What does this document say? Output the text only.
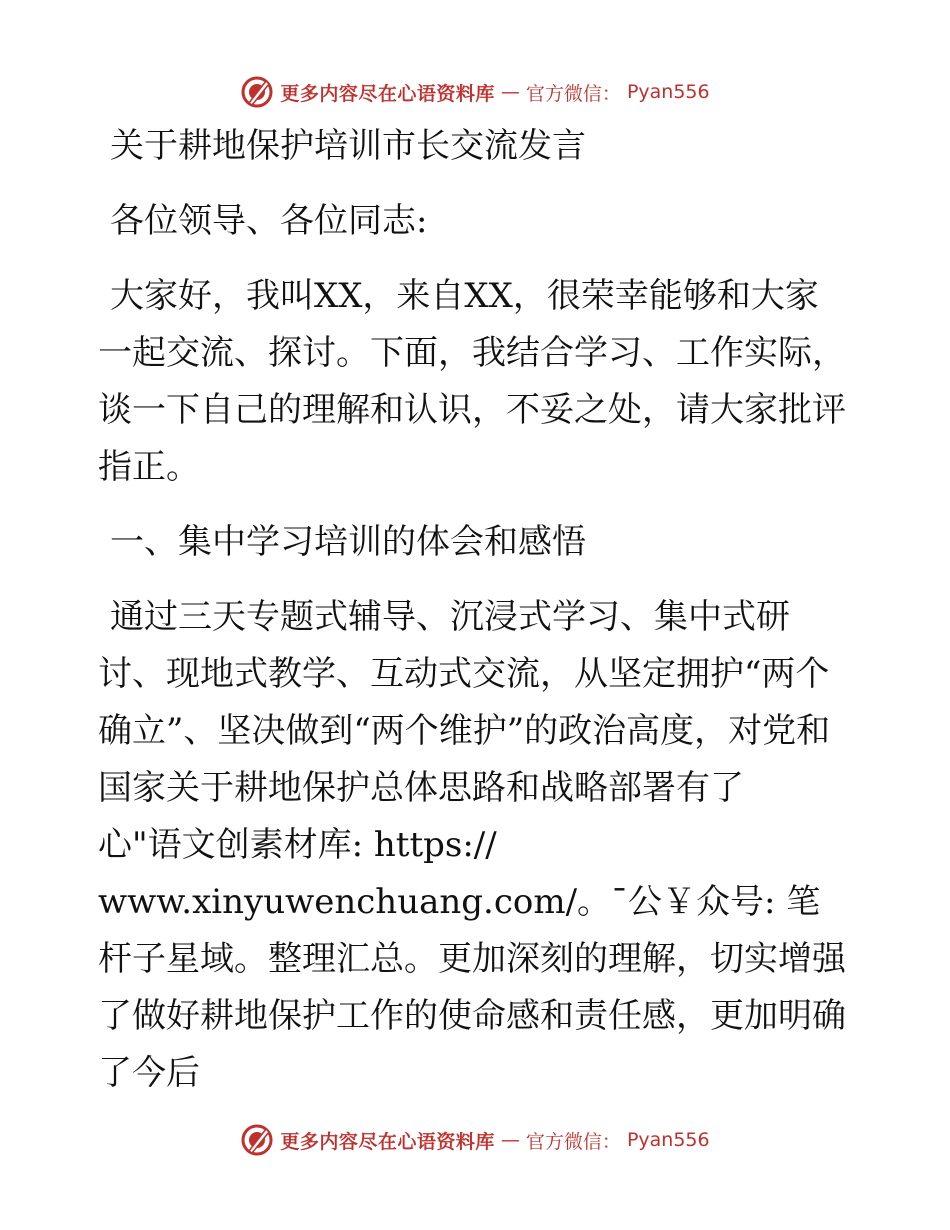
更多内容尽在心语资料库 — 官方微信： Pyan556

关于耕地保护培训市长交流发言

各位领导、各位同志:

大家好，我叫XX，来自XX，很荣幸能够和大家一起交流、探讨。下面，我结合学习、工作实际，谈一下自己的理解和认识，不妥之处，请大家批评指正。

一、集中学习培训的体会和感悟

通过三天专题式辅导、沉浸式学习、集中式研

讨、现地式教学、互动式交流，从坚定拥护“两个确立”、坚决做到“两个维护”的政治高度，对党和国家关于耕地保护总体思路和战略部署有了

心"语文创素材库: https://

www.xinyuwenchuang.com/。¯公￥众号: 笔杆子星域。整理汇总。更加深刻的理解，切实增强了做好耕地保护工作的使命感和责任感，更加明确了今后

更多内容尽在心语资料库 — 官方微信： Pyan556
